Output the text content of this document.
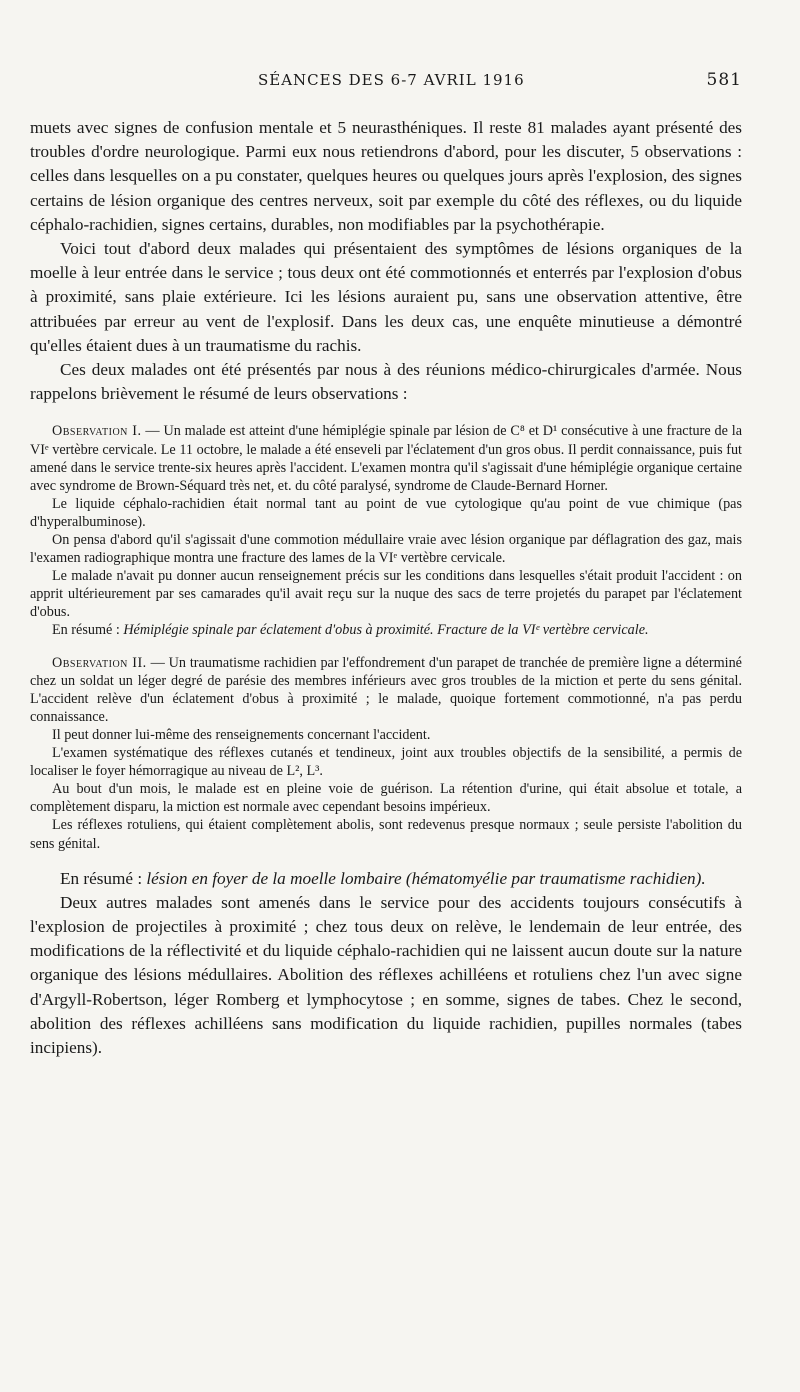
SÉANCES DES 6-7 AVRIL 1916	581

muets avec signes de confusion mentale et 5 neurasthéniques. Il reste 81 malades ayant présenté des troubles d'ordre neurologique. Parmi eux nous retiendrons d'abord, pour les discuter, 5 observations : celles dans lesquelles on a pu constater, quelques heures ou quelques jours après l'explosion, des signes certains de lésion organique des centres nerveux, soit par exemple du côté des réflexes, ou du liquide céphalo-rachidien, signes certains, durables, non modifiables par la psychothérapie.

Voici tout d'abord deux malades qui présentaient des symptômes de lésions organiques de la moelle à leur entrée dans le service ; tous deux ont été commotionnés et enterrés par l'explosion d'obus à proximité, sans plaie extérieure. Ici les lésions auraient pu, sans une observation attentive, être attribuées par erreur au vent de l'explosif. Dans les deux cas, une enquête minutieuse a démontré qu'elles étaient dues à un traumatisme du rachis.

Ces deux malades ont été présentés par nous à des réunions médico-chirurgicales d'armée. Nous rappelons brièvement le résumé de leurs observations :

Observation I. — Un malade est atteint d'une hémiplégie spinale par lésion de C⁸ et D¹ consécutive à une fracture de la VIᵉ vertèbre cervicale. Le 11 octobre, le malade a été enseveli par l'éclatement d'un gros obus. Il perdit connaissance, puis fut amené dans le service trente-six heures après l'accident. L'examen montra qu'il s'agissait d'une hémiplégie organique certaine avec syndrome de Brown-Séquard très net, et. du côté paralysé, syndrome de Claude-Bernard Horner.

Le liquide céphalo-rachidien était normal tant au point de vue cytologique qu'au point de vue chimique (pas d'hyperalbuminose).

On pensa d'abord qu'il s'agissait d'une commotion médullaire vraie avec lésion organique par déflagration des gaz, mais l'examen radiographique montra une fracture des lames de la VIᵉ vertèbre cervicale.

Le malade n'avait pu donner aucun renseignement précis sur les conditions dans lesquelles s'était produit l'accident : on apprit ultérieurement par ses camarades qu'il avait reçu sur la nuque des sacs de terre projetés du parapet par l'éclatement d'obus.

En résumé : Hémiplégie spinale par éclatement d'obus à proximité. Fracture de la VIᵉ vertèbre cervicale.

Observation II. — Un traumatisme rachidien par l'effondrement d'un parapet de tranchée de première ligne a déterminé chez un soldat un léger degré de parésie des membres inférieurs avec gros troubles de la miction et perte du sens génital. L'accident relève d'un éclatement d'obus à proximité ; le malade, quoique fortement commotionné, n'a pas perdu connaissance.

Il peut donner lui-même des renseignements concernant l'accident.

L'examen systématique des réflexes cutanés et tendineux, joint aux troubles objectifs de la sensibilité, a permis de localiser le foyer hémorragique au niveau de L², L³.

Au bout d'un mois, le malade est en pleine voie de guérison. La rétention d'urine, qui était absolue et totale, a complètement disparu, la miction est normale avec cependant besoins impérieux.

Les réflexes rotuliens, qui étaient complètement abolis, sont redevenus presque normaux ; seule persiste l'abolition du sens génital.

En résumé : lésion en foyer de la moelle lombaire (hématomyélie par traumatisme rachidien).

Deux autres malades sont amenés dans le service pour des accidents toujours consécutifs à l'explosion de projectiles à proximité ; chez tous deux on relève, le lendemain de leur entrée, des modifications de la réflectivité et du liquide céphalo-rachidien qui ne laissent aucun doute sur la nature organique des lésions médullaires. Abolition des réflexes achilléens et rotuliens chez l'un avec signe d'Argyll-Robertson, léger Romberg et lymphocytose ; en somme, signes de tabes. Chez le second, abolition des réflexes achilléens sans modification du liquide rachidien, pupilles normales (tabes incipiens).
